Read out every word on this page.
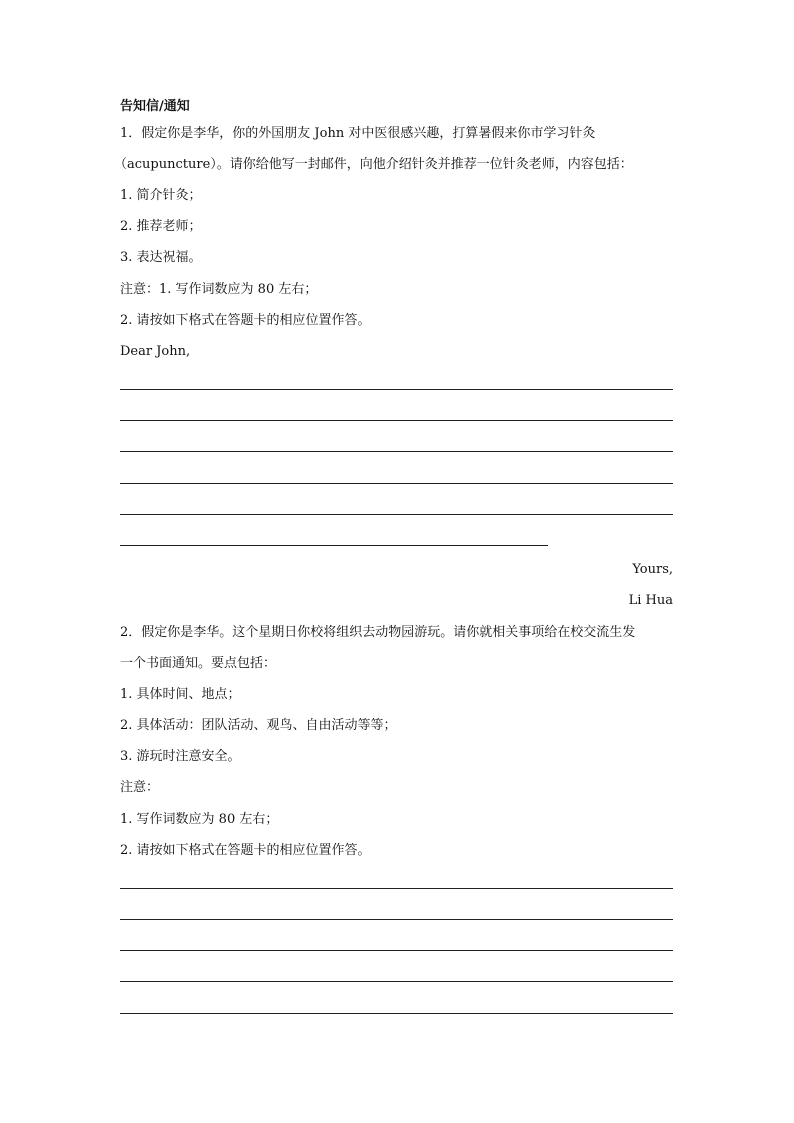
告知信/通知
1．假定你是李华，你的外国朋友 John 对中医很感兴趣，打算暑假来你市学习针灸
（acupuncture）。请你给他写一封邮件，向他介绍针灸并推荐一位针灸老师，内容包括：
1. 简介针灸；
2. 推荐老师；
3. 表达祝福。
注意：1. 写作词数应为 80 左右；
2. 请按如下格式在答题卡的相应位置作答。
Dear John,
Yours,
Li Hua
2．假定你是李华。这个星期日你校将组织去动物园游玩。请你就相关事项给在校交流生发
一个书面通知。要点包括：
1. 具体时间、地点；
2. 具体活动：团队活动、观鸟、自由活动等等；
3. 游玩时注意安全。
注意：
1. 写作词数应为 80 左右；
2. 请按如下格式在答题卡的相应位置作答。
